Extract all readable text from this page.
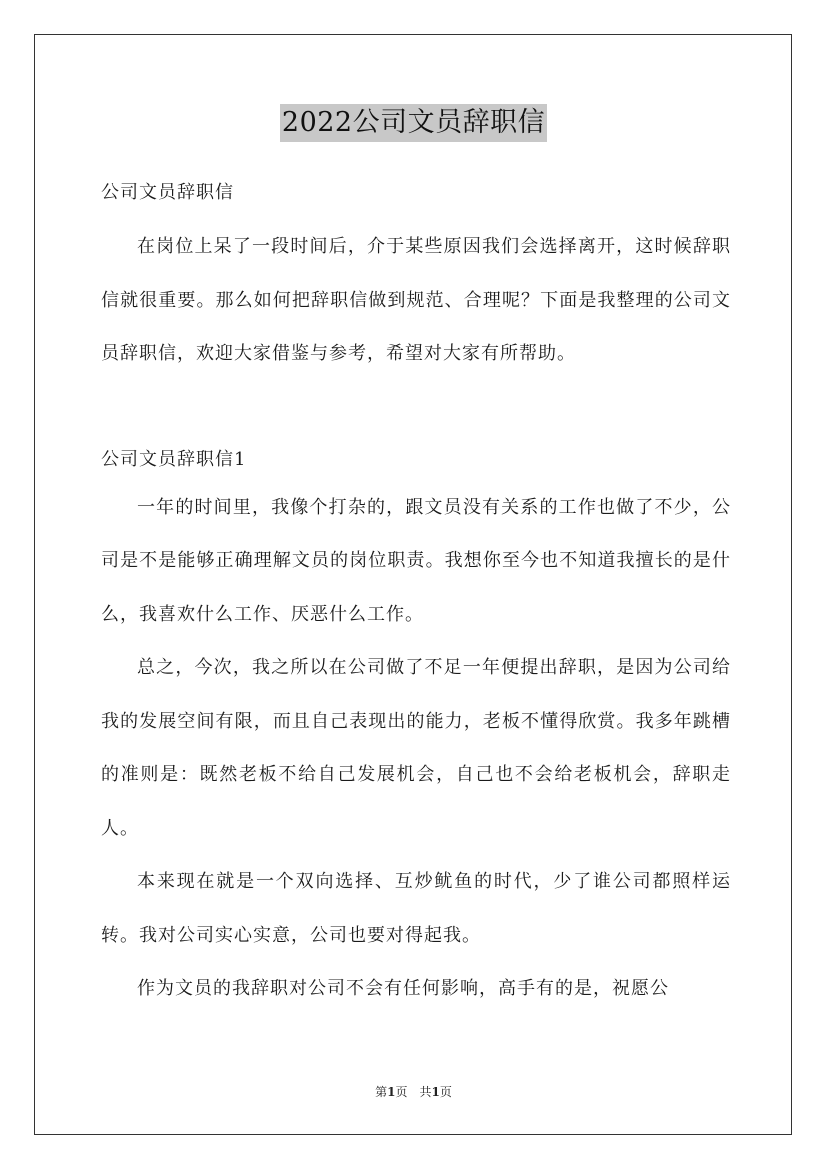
2022公司文员辞职信

公司文员辞职信

在岗位上呆了一段时间后，介于某些原因我们会选择离开，这时候辞职信就很重要。那么如何把辞职信做到规范、合理呢？下面是我整理的公司文员辞职信，欢迎大家借鉴与参考，希望对大家有所帮助。

公司文员辞职信1

一年的时间里，我像个打杂的，跟文员没有关系的工作也做了不少，公司是不是能够正确理解文员的岗位职责。我想你至今也不知道我擅长的是什么，我喜欢什么工作、厌恶什么工作。

总之，今次，我之所以在公司做了不足一年便提出辞职，是因为公司给我的发展空间有限，而且自己表现出的能力，老板不懂得欣赏。我多年跳槽的准则是：既然老板不给自己发展机会，自己也不会给老板机会，辞职走人。

本来现在就是一个双向选择、互炒鱿鱼的时代，少了谁公司都照样运转。我对公司实心实意，公司也要对得起我。

作为文员的我辞职对公司不会有任何影响，高手有的是，祝愿公

第1页 共1页
